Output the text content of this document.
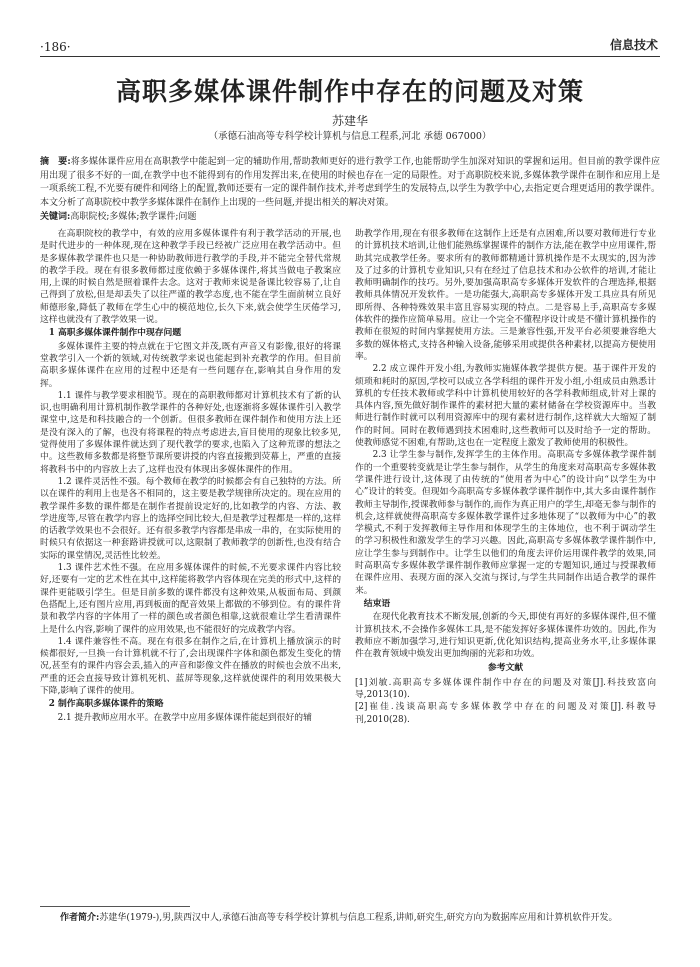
·186·	信息技术
高职多媒体课件制作中存在的问题及对策
苏建华
（承德石油高等专科学校计算机与信息工程系,河北 承德 067000）
摘　要:将多媒体课件应用在高职教学中能起到一定的辅助作用,帮助教师更好的进行教学工作,也能帮助学生加深对知识的掌握和运用。但目前的教学课件应用出现了很多不好的一面,在教学中也不能得到有的作用发挥出来,在使用的时候也存在一定的局限性。对于高职院校来说,多媒体教学课件在制作和应用上是一项系统工程,不光要有硬件和网络上的配置,教师还要有一定的课件制作技术,并考虑到学生的发展特点,以学生为教学中心,去指定更合理更适用的教学课件。本文分析了高职院校中教学多媒体课件在制作上出现的一些问题,并提出相关的解决对策。
关键词:高职院校;多媒体;教学课件;问题

在高职院校的教学中，有效的应用多媒体课件有利于教学活动的开展,也是时代进步的一种体现,现在这种教学手段已经被广泛应用在教学活动中。但是多媒体教学课件也只是一种协助教师进行教学的手段,并不能完全替代常规的教学手段。现在有很多教师都过度依赖于多媒体课件,将其当做电子教案应用,上课的时候自然是照着课件去念。这对于教师来说是备课比较容易了,让自己得到了放松,但是却丢失了以往严谨的教学态度,也不能在学生面前树立良好师德形象,降低了教师在学生心中的模范地位,长久下来,就会使学生厌倦学习,这样也就没有了教学效果一说。

1 高职多媒体课件制作中现存问题

多媒体课件主要的特点就在于它图文并茂,既有声音又有影像,很好的将课堂教学引入一个新的领域,对传统教学来说也能起到补充教学的作用。但目前高职多媒体课件在应用的过程中还是有一些问题存在,影响其自身作用的发挥。

1.1 课件与教学要求相脱节。现在的高职教师都对计算机技术有了新的认识,也明确利用计算机制作教学课件的各种好处,也逐渐将多媒体课件引入教学课堂中,这是和科技融合的一个创新。但很多教师在课件制作和使用方法上还是没有深入的了解，也没有将课程的特点考虑进去,盲目使用的现象比较多见,觉得使用了多媒体课件就达到了现代教学的要求,也陷入了这种荒谬的想法之中。这些教师多数都是将整节课所要讲授的内容直接搬到荧幕上，严重的直接将教科书中的内容放上去了,这样也没有体现出多媒体课件的作用。

1.2 课件灵活性不强。每个教师在教学的时候都会有自己独特的方法。所以在课件的利用上也是各不相同的，这主要是教学规律所决定的。现在应用的教学课件多数的课件都是在制作者提前设定好的,比如教学的内容、方法、教学进度等,尽管在教学内容上的选择空间比较大,但是教学过程都是一样的,这样的话教学效果也不会很好。还有很多教学内容都是串成一串的，在实际使用的时候只有依据这一种套路讲授就可以,这限制了教师教学的创新性,也没有结合实际的课堂情况,灵活性比较差。

1.3 课件艺术性不强。在应用多媒体课件的时候,不光要求课件内容比较好,还要有一定的艺术性在其中,这样能将教学内容体现在完美的形式中,这样的课件更能吸引学生。但是目前多数的课件都没有这种效果,从板面布局、到颜色搭配上,还有图片应用,再到板面的配音效果上都做的不够到位。有的课件背景和教学内容的字体用了一样的颜色或者颜色相靠,这就很难让学生看清课件上是什么内容,影响了课件的应用效果,也不能很好的完成教学内容。

1.4 课件兼容性不高。现在有很多在制作之后,在计算机上播放演示的时候都很好,一旦换一台计算机就不行了,会出现课件字体和颜色都发生变化的情况,甚至有的课件内容会丢,插入的声音和影像文件在播放的时候也会放不出来,严重的还会直接导致计算机死机、蓝屏等现象,这样就使课件的利用效果极大下降,影响了课件的使用。

2 制作高职多媒体课件的策略

2.1 提升教师应用水平。在教学中应用多媒体课件能起到很好的辅

助教学作用,现在有很多教师在这制作上还是有点困难,所以要对教师进行专业的计算机技术培训,让他们能熟练掌握课件的制作方法,能在教学中应用课件,帮助其完成教学任务。要求所有的教师都精通计算机操作是不太现实的,因为涉及了过多的计算机专业知识,只有在经过了信息技术和办公软件的培训,才能让教师明确制作的技巧。另外,要加强高职高专多媒体开发软件的合理选择,根据教师具体情况开发软件。一是功能强大,高职高专多媒体开发工具应具有所见即所得、各种特殊效果丰富且容易实现的特点。二是容易上手,高职高专多媒体软件的操作应简单易用。应让一个完全不懂程序设计或是不懂计算机操作的教师在很短的时间内掌握使用方法。三是兼容性强,开发平台必须要兼容绝大多数的媒体格式,支持各种输入设备,能够采用或提供各种素材,以提高方便使用率。

2.2 成立课件开发小组,为教师实施媒体教学提供方便。基于课件开发的烦琐和耗时的原因,学校可以成立各学科组的课件开发小组,小组成员由熟悉计算机的专任技术教师或学科中计算机使用较好的各学科教师组成,针对上课的具体内容,预先做好制作课件的素材把大量的素材储备在学校资源库中。当教师进行制作时就可以利用资源库中的现有素材进行制作,这样就大大缩短了制作的时间。同时在教师遇到技术困难时,这些教师可以及时给予一定的帮助。使教师感觉不困难,有帮助,这也在一定程度上激发了教师使用的积极性。

2.3 让学生参与制作,发挥学生的主体作用。高职高专多媒体教学课件制作的一个重要转变就是让学生参与制作，从学生的角度来对高职高专多媒体教学课件进行设计,这体现了由传统的“使用者为中心”的设计向“以学生为中心”设计的转变。但现如今高职高专多媒体教学课件制作中,其大多由课件制作教师主导制作,授课教师参与制作的,而作为真正用户的学生,却毫无参与制作的机会,这样就使得高职高专多媒体教学课件过多地体现了“以教师为中心”的教学模式,不利于发挥教师主导作用和体现学生的主体地位，也不利于调动学生的学习积极性和激发学生的学习兴趣。因此,高职高专多媒体教学课件制作中,应让学生参与到制作中。让学生以他们的角度去评价运用课件教学的效果,同时高职高专多媒体教学课件制作教师应掌握一定的专题知识,通过与授课教师在课件应用、表现方面的深入交流与探讨,与学生共同制作出适合教学的课件来。

结束语

在现代化教育技术不断发展,创新的今天,即使有再好的多媒体课件,但不懂计算机技术,不会操作多媒体工具,是不能发挥好多媒体课件功效的。因此,作为教师应不断加强学习,进行知识更新,优化知识结构,提高业务水平,让多媒体课件在教育领域中焕发出更加绚丽的光彩和功效。

参考文献

[1]刘敏.高职高专多媒体课件制作中存在的问题及对策[J].科技致富向导,2013(10).

[2]崔佳.浅谈高职高专多媒体教学中存在的问题及对策[J].科教导刊,2010(28).

作者简介:苏建华(1979-),男,陕西汉中人,承德石油高等专科学校计算机与信息工程系,讲师,研究生,研究方向为数据库应用和计算机软件开发。
